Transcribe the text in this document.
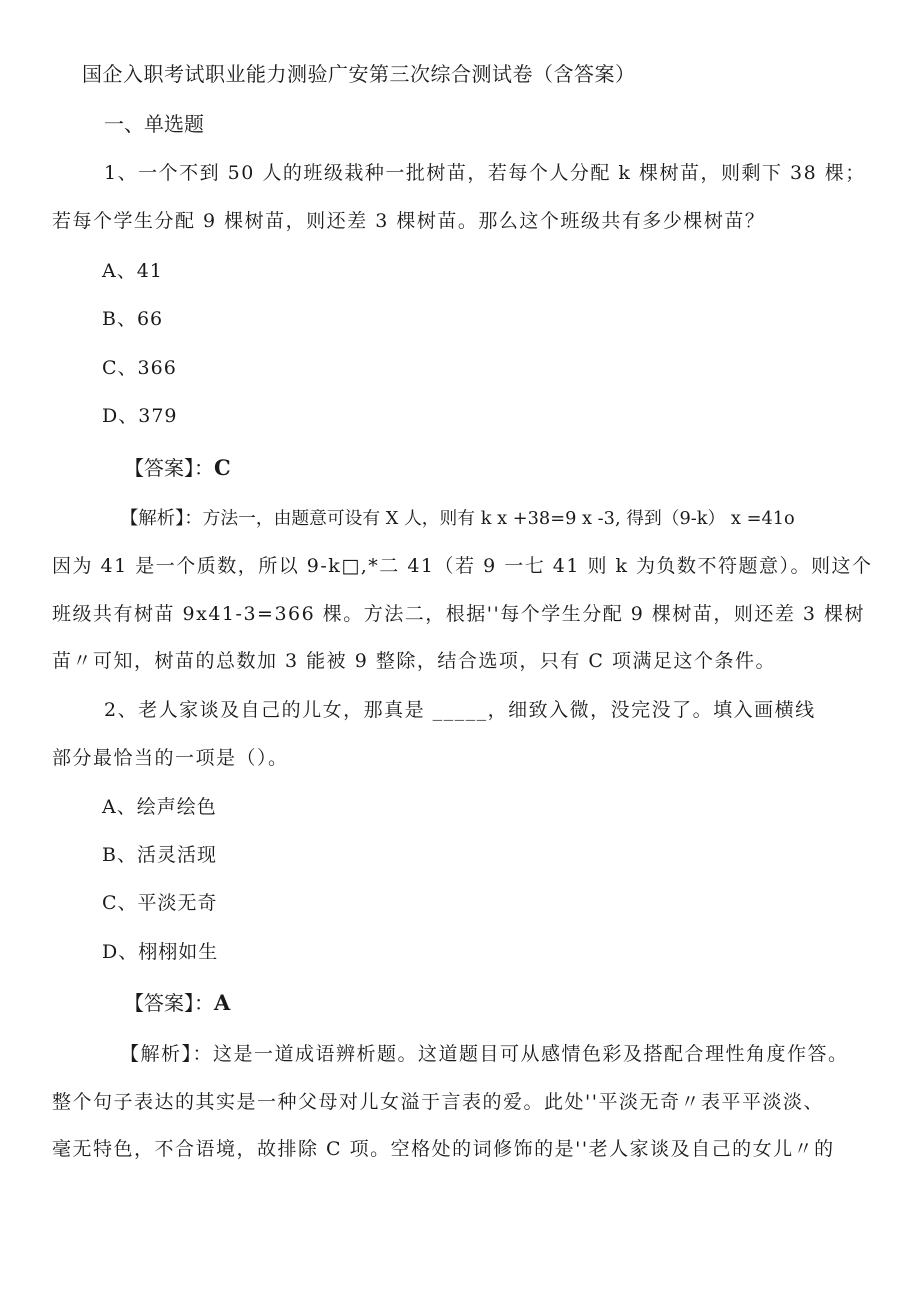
国企入职考试职业能力测验广安第三次综合测试卷（含答案）
一、单选题
1、一个不到 50 人的班级栽种一批树苗，若每个人分配 k 棵树苗，则剩下 38 棵；
若每个学生分配 9 棵树苗，则还差 3 棵树苗。那么这个班级共有多少棵树苗？
A、41
B、66
C、366
D、379
【答案】：C
【解析】：方法一，由题意可设有 X 人，则有 k x +38=9 x -3, 得到（9-k） x =41o
因为 41 是一个质数，所以 9-k□,*二 41（若 9 一七 41 则 k 为负数不符题意）。则这个
班级共有树苗 9x41-3=366 棵。方法二，根据''每个学生分配 9 棵树苗，则还差 3 棵树
苗〃可知，树苗的总数加 3 能被 9 整除，结合选项，只有 C 项满足这个条件。
2、老人家谈及自己的儿女，那真是 _____，细致入微，没完没了。填入画横线
部分最恰当的一项是（）。
A、绘声绘色
B、活灵活现
C、平淡无奇
D、栩栩如生
【答案】：A
【解析】：这是一道成语辨析题。这道题目可从感情色彩及搭配合理性角度作答。
整个句子表达的其实是一种父母对儿女溢于言表的爱。此处''平淡无奇〃表平平淡淡、
毫无特色，不合语境，故排除 C 项。空格处的词修饰的是''老人家谈及自己的女儿〃的
